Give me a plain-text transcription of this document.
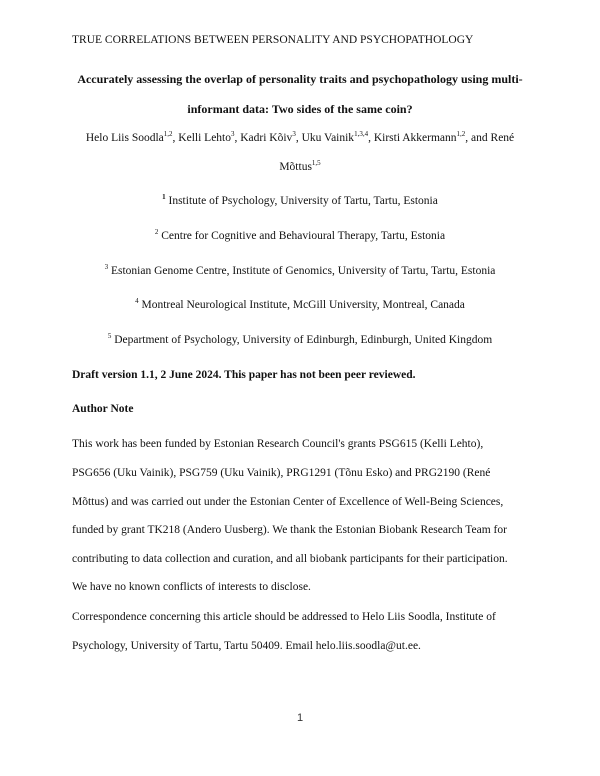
TRUE CORRELATIONS BETWEEN PERSONALITY AND PSYCHOPATHOLOGY
Accurately assessing the overlap of personality traits and psychopathology using multi-
informant data: Two sides of the same coin?
Helo Liis Soodla$^{1,2}$, Kelli Lehto$^3$, Kadri Kõiv$^3$, Uku Vainik$^{1,3,4}$, Kirsti Akkermann$^{1,2}$, and René
Mõttus$^{1,5}$
$^1$ Institute of Psychology, University of Tartu, Tartu, Estonia
$^2$ Centre for Cognitive and Behavioural Therapy, Tartu, Estonia
$^3$ Estonian Genome Centre, Institute of Genomics, University of Tartu, Tartu, Estonia
$^4$ Montreal Neurological Institute, McGill University, Montreal, Canada
$^5$ Department of Psychology, University of Edinburgh, Edinburgh, United Kingdom
Draft version 1.1, 2 June 2024. This paper has not been peer reviewed.
Author Note
This work has been funded by Estonian Research Council's grants PSG615 (Kelli Lehto),
PSG656 (Uku Vainik), PSG759 (Uku Vainik), PRG1291 (Tõnu Esko) and PRG2190 (René
Mõttus) and was carried out under the Estonian Center of Excellence of Well-Being Sciences,
funded by grant TK218 (Andero Uusberg). We thank the Estonian Biobank Research Team for
contributing to data collection and curation, and all biobank participants for their participation.
We have no known conflicts of interests to disclose.
Correspondence concerning this article should be addressed to Helo Liis Soodla, Institute of
Psychology, University of Tartu, Tartu 50409. Email helo.liis.soodla@ut.ee.
1
